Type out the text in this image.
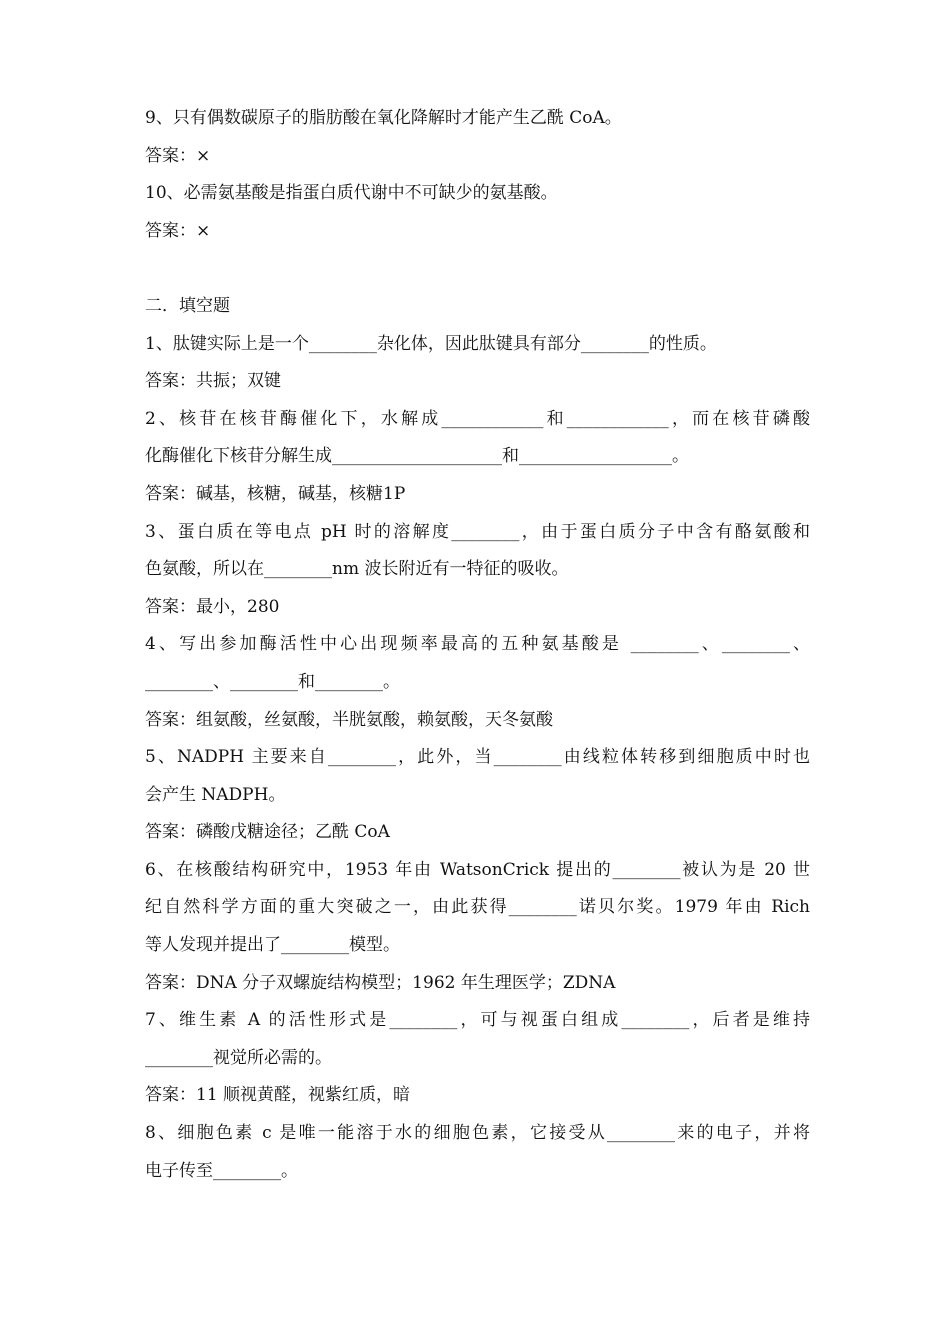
9、只有偶数碳原子的脂肪酸在氧化降解时才能产生乙酰 CoA。
答案：×
10、必需氨基酸是指蛋白质代谢中不可缺少的氨基酸。
答案：×
二．填空题
1、肽键实际上是一个________杂化体，因此肽键具有部分________的性质。
答案：共振；双键
2、核苷在核苷酶催化下，水解成____________和____________，而在核苷磷酸
化酶催化下核苷分解生成____________________和__________________。
答案：碱基，核糖，碱基，核糖1P
3、蛋白质在等电点 pH 时的溶解度________，由于蛋白质分子中含有酪氨酸和
色氨酸，所以在________nm 波长附近有一特征的吸收。
答案：最小，280
4、写出参加酶活性中心出现频率最高的五种氨基酸是 ________、________、
________、________和________。
答案：组氨酸，丝氨酸，半胱氨酸，赖氨酸，天冬氨酸
5、NADPH 主要来自________，此外，当________由线粒体转移到细胞质中时也
会产生 NADPH。
答案：磷酸戊糖途径；乙酰 CoA
6、在核酸结构研究中，1953 年由 WatsonCrick 提出的________被认为是 20 世
纪自然科学方面的重大突破之一，由此获得________诺贝尔奖。1979 年由 Rich
等人发现并提出了________模型。
答案：DNA 分子双螺旋结构模型；1962 年生理医学；ZDNA
7、维生素 A 的活性形式是________，可与视蛋白组成________，后者是维持
________视觉所必需的。
答案：11 顺视黄醛，视紫红质，暗
8、细胞色素 c 是唯一能溶于水的细胞色素，它接受从________来的电子，并将
电子传至________。
